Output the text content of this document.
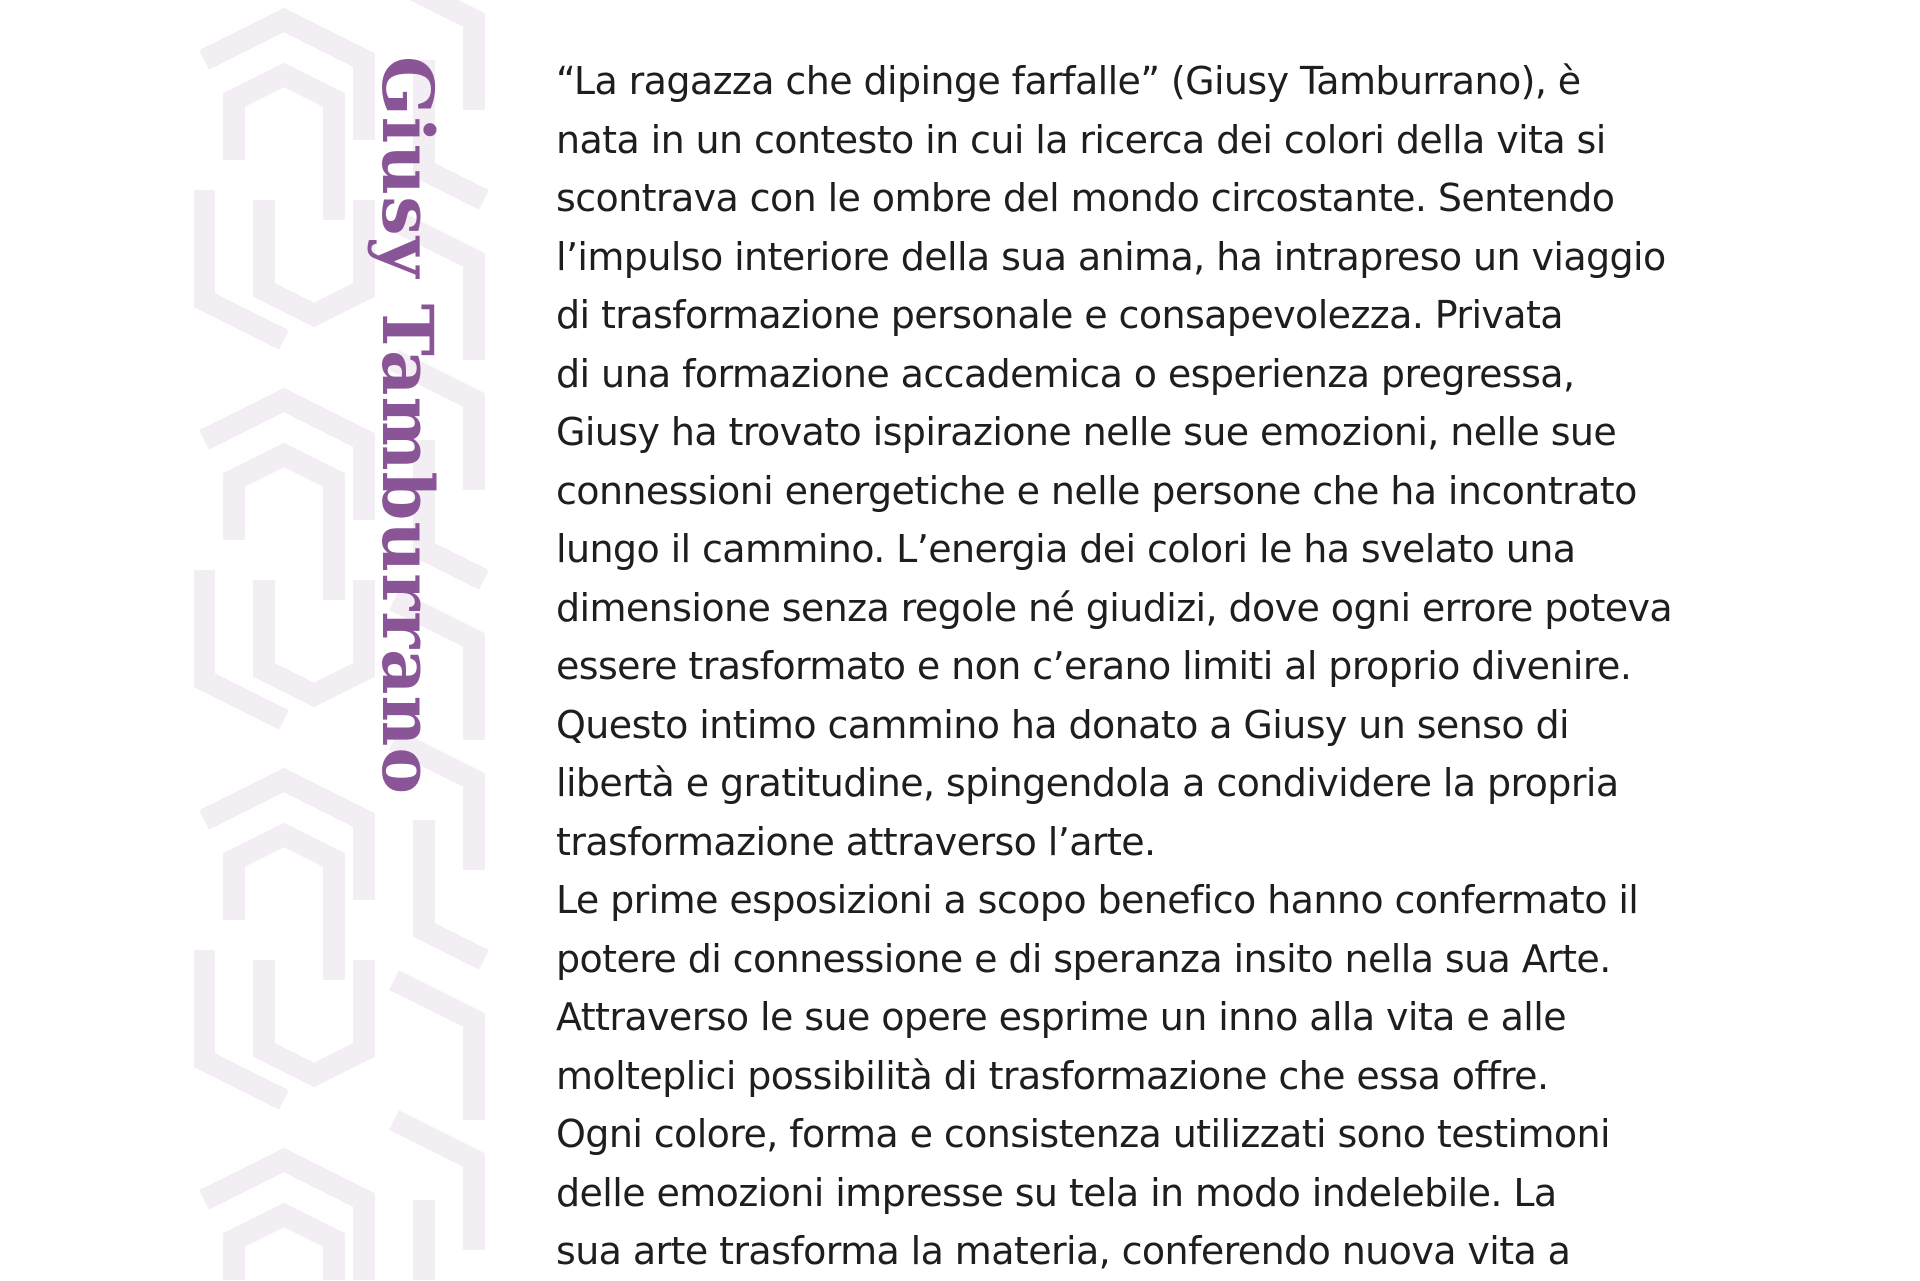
Giusy Tamburrano	“La ragazza che dipinge farfalle” (Giusy Tamburrano), è
nata in un contesto in cui la ricerca dei colori della vita si
scontrava con le ombre del mondo circostante. Sentendo
l’impulso interiore della sua anima, ha intrapreso un viaggio
di trasformazione personale e consapevolezza. Privata
di una formazione accademica o esperienza pregressa,
Giusy ha trovato ispirazione nelle sue emozioni, nelle sue
connessioni energetiche e nelle persone che ha incontrato
lungo il cammino. L’energia dei colori le ha svelato una
dimensione senza regole né giudizi, dove ogni errore poteva
essere trasformato e non c’erano limiti al proprio divenire.
Questo intimo cammino ha donato a Giusy un senso di
libertà e gratitudine, spingendola a condividere la propria
trasformazione attraverso l’arte.
Le prime esposizioni a scopo benefico hanno confermato il
potere di connessione e di speranza insito nella sua Arte.
Attraverso le sue opere esprime un inno alla vita e alle
molteplici possibilità di trasformazione che essa offre.
Ogni colore, forma e consistenza utilizzati sono testimoni
delle emozioni impresse su tela in modo indelebile. La
sua arte trasforma la materia, conferendo nuova vita a
